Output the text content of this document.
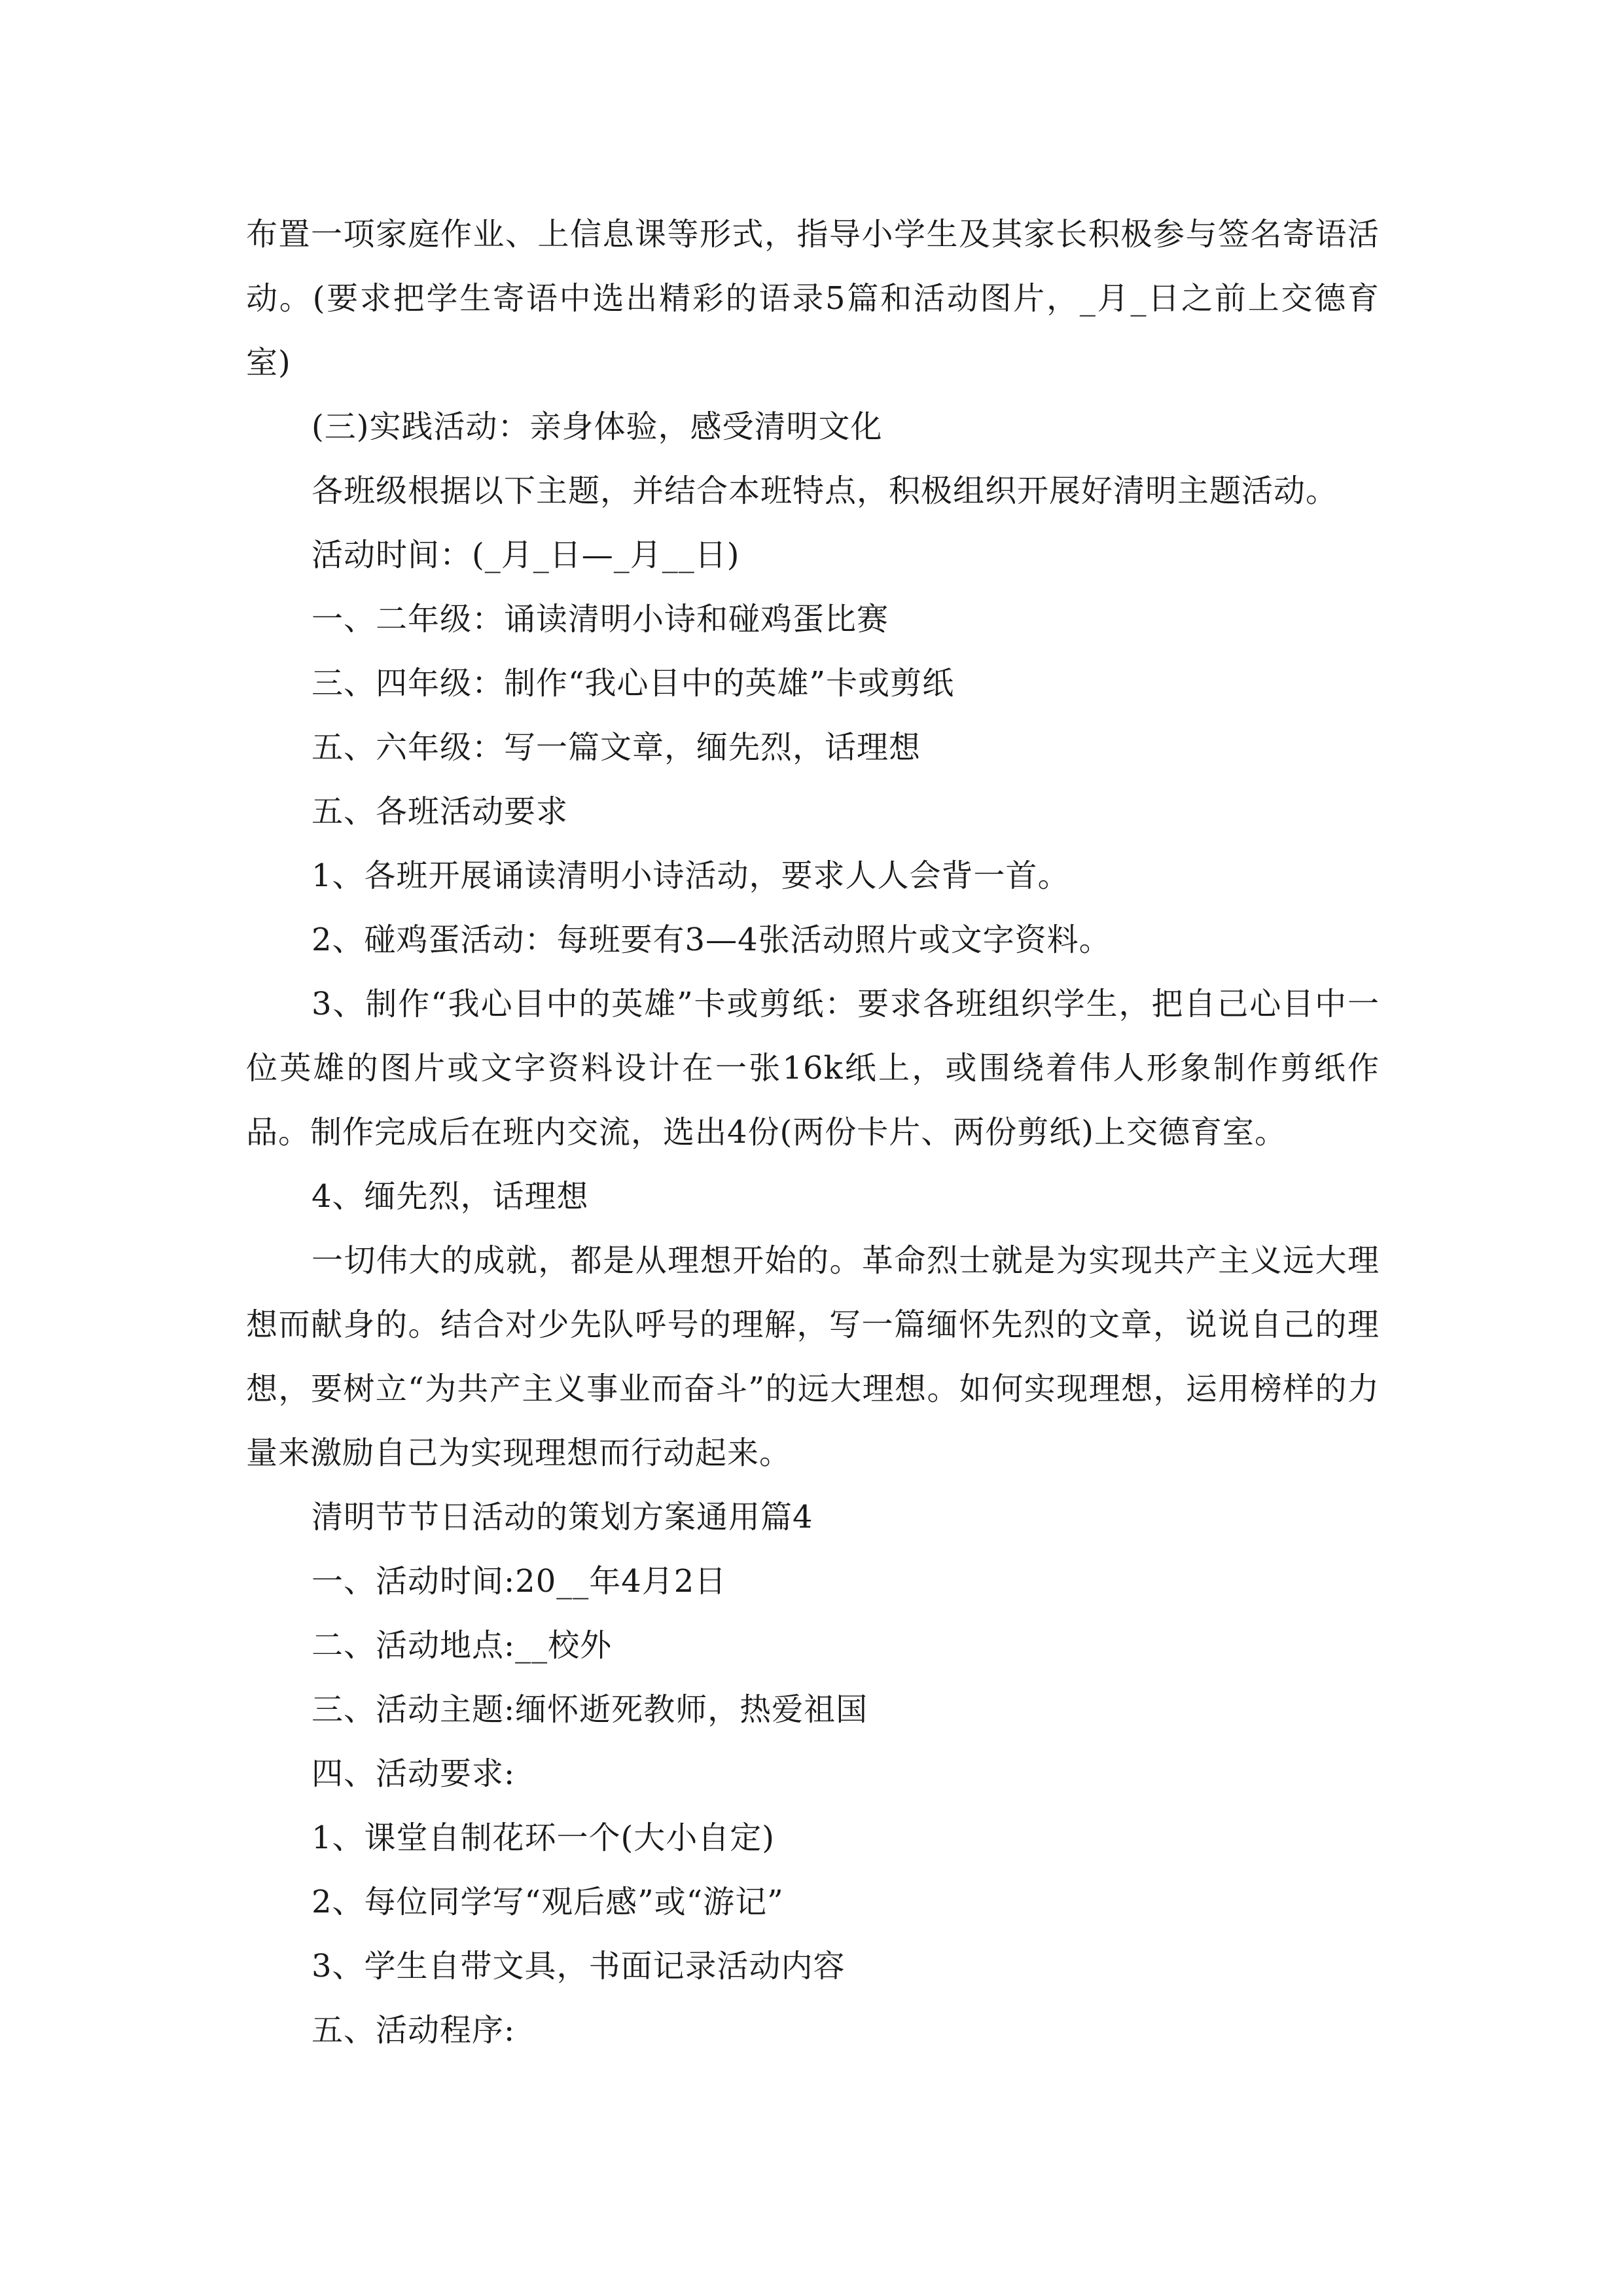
布置一项家庭作业、上信息课等形式，指导小学生及其家长积极参与签名寄语活动。(要求把学生寄语中选出精彩的语录5篇和活动图片，_月_日之前上交德育室)

(三)实践活动：亲身体验，感受清明文化

各班级根据以下主题，并结合本班特点，积极组织开展好清明主题活动。

活动时间：(_月_日—_月__日)

一、二年级：诵读清明小诗和碰鸡蛋比赛

三、四年级：制作“我心目中的英雄”卡或剪纸

五、六年级：写一篇文章，缅先烈，话理想

五、各班活动要求

1、各班开展诵读清明小诗活动，要求人人会背一首。

2、碰鸡蛋活动：每班要有3—4张活动照片或文字资料。

3、制作“我心目中的英雄”卡或剪纸：要求各班组织学生，把自己心目中一位英雄的图片或文字资料设计在一张16k纸上，或围绕着伟人形象制作剪纸作品。制作完成后在班内交流，选出4份(两份卡片、两份剪纸)上交德育室。

4、缅先烈，话理想

一切伟大的成就，都是从理想开始的。革命烈士就是为实现共产主义远大理想而献身的。结合对少先队呼号的理解，写一篇缅怀先烈的文章，说说自己的理想，要树立“为共产主义事业而奋斗”的远大理想。如何实现理想，运用榜样的力量来激励自己为实现理想而行动起来。

清明节节日活动的策划方案通用篇4

一、活动时间:20__年4月2日

二、活动地点:__校外

三、活动主题:缅怀逝死教师，热爱祖国

四、活动要求:

1、课堂自制花环一个(大小自定)

2、每位同学写“观后感”或“游记”

3、学生自带文具，书面记录活动内容

五、活动程序:
